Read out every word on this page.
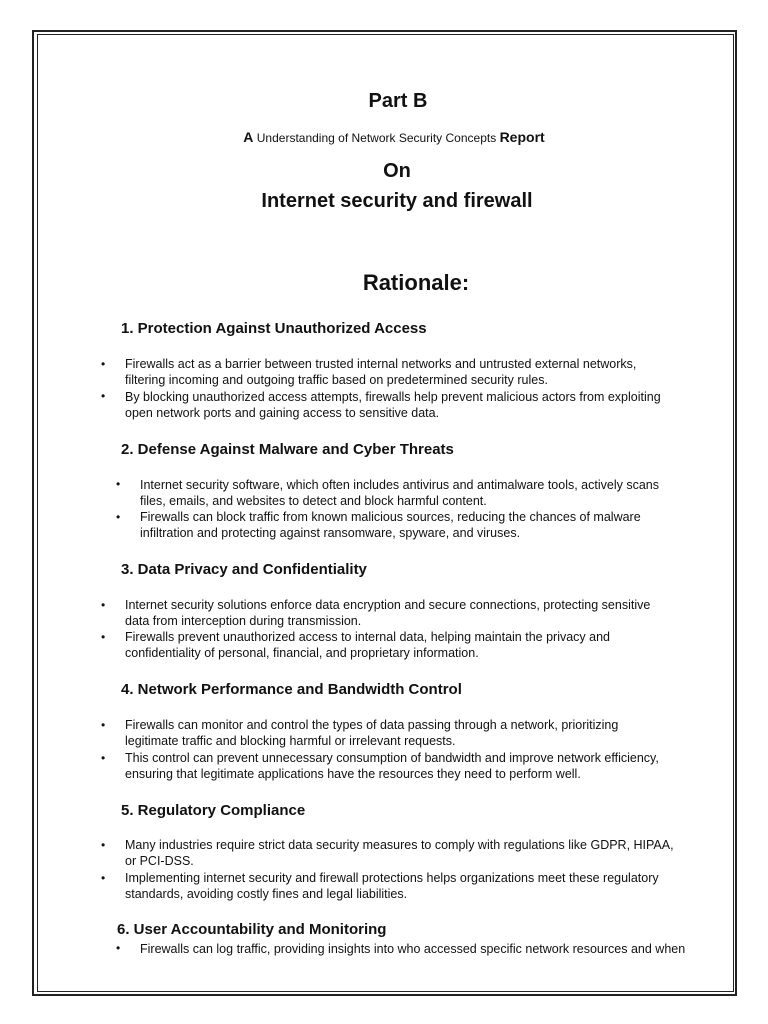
Part B
A Understanding of Network Security Concepts Report
On
Internet security and firewall
Rationale:
1. Protection Against Unauthorized Access
• Firewalls act as a barrier between trusted internal networks and untrusted external networks,
filtering incoming and outgoing traffic based on predetermined security rules.
• By blocking unauthorized access attempts, firewalls help prevent malicious actors from exploiting
open network ports and gaining access to sensitive data.
2. Defense Against Malware and Cyber Threats
• Internet security software, which often includes antivirus and antimalware tools, actively scans
files, emails, and websites to detect and block harmful content.
• Firewalls can block traffic from known malicious sources, reducing the chances of malware
infiltration and protecting against ransomware, spyware, and viruses.
3. Data Privacy and Confidentiality
• Internet security solutions enforce data encryption and secure connections, protecting sensitive
data from interception during transmission.
• Firewalls prevent unauthorized access to internal data, helping maintain the privacy and
confidentiality of personal, financial, and proprietary information.
4. Network Performance and Bandwidth Control
• Firewalls can monitor and control the types of data passing through a network, prioritizing
legitimate traffic and blocking harmful or irrelevant requests.
• This control can prevent unnecessary consumption of bandwidth and improve network efficiency,
ensuring that legitimate applications have the resources they need to perform well.
5. Regulatory Compliance
• Many industries require strict data security measures to comply with regulations like GDPR, HIPAA,
or PCI-DSS.
• Implementing internet security and firewall protections helps organizations meet these regulatory
standards, avoiding costly fines and legal liabilities.
6. User Accountability and Monitoring
• Firewalls can log traffic, providing insights into who accessed specific network resources and when
